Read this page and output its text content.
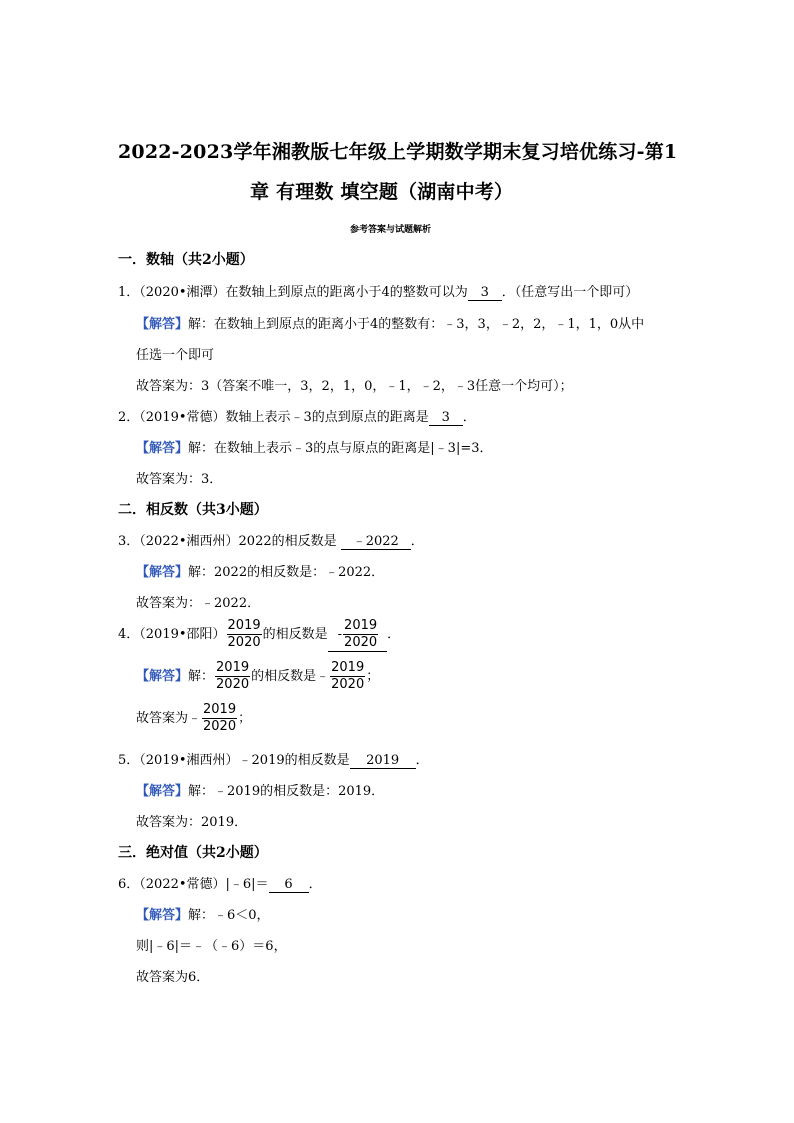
2022-2023学年湘教版七年级上学期数学期末复习培优练习-第1
章 有理数 填空题（湖南中考）
参考答案与试题解析
一．数轴（共2小题）
1．（2020•湘潭）在数轴上到原点的距离小于4的整数可以为 3 ．（任意写出一个即可）
【解答】解：在数轴上到原点的距离小于4的整数有：﹣3，3，﹣2，2，﹣1，1，0从中
任选一个即可
故答案为：3（答案不唯一，3，2，1，0，﹣1，﹣2，﹣3任意一个均可）；
2．（2019•常德）数轴上表示﹣3的点到原点的距离是 3 ．
【解答】解：在数轴上表示﹣3的点与原点的距离是|﹣3|=3．
故答案为：3．
二．相反数（共3小题）
3．（2022•湘西州）2022的相反数是 ﹣2022 ．
【解答】解：2022的相反数是：﹣2022．
故答案为：﹣2022．
4．（2019•邵阳） $\frac{2019}{2020}$ 的相反数是 - $\frac{2019}{2020}$ ．
【解答】解： $\frac{2019}{2020}$ 的相反数是﹣ $\frac{2019}{2020}$ ；
故答案为﹣ $\frac{2019}{2020}$ ；
5．（2019•湘西州）﹣2019的相反数是 2019 ．
【解答】解：﹣2019的相反数是：2019．
故答案为：2019．
三．绝对值（共2小题）
6．（2022•常德）|﹣6|＝ 6 ．
【解答】解：﹣6＜0，
则|﹣6|＝﹣（﹣6）＝6，
故答案为6．
